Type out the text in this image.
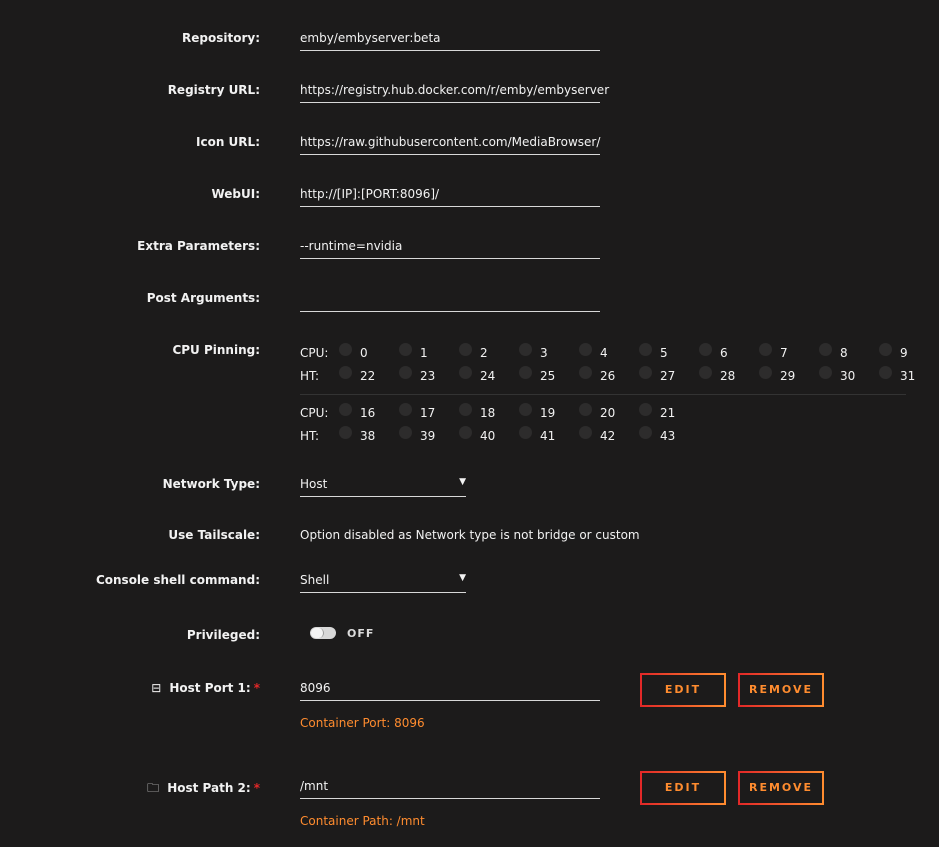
Repository:	emby/embyserver:beta
Registry URL:	https://registry.hub.docker.com/r/emby/embyserver
Icon URL:	https://raw.githubusercontent.com/MediaBrowser/
WebUI:	http://[IP]:[PORT:8096]/
Extra Parameters:	--runtime=nvidia
Post Arguments:
CPU Pinning:	CPU:	0	1	2	3	4	5	6	7	8	9
HT:	22	23	24	25	26	27	28	29	30	31
CPU:	16	17	18	19	20	21
HT:	38	39	40	41	42	43
Network Type:	Host	▼
Use Tailscale:	Option disabled as Network type is not bridge or custom
Console shell command:	Shell	▼
Privileged:	OFF
⊟ Host Port 1: *	8096	EDIT	REMOVE
Container Port: 8096
🗀 Host Path 2: *	/mnt	EDIT	REMOVE
Container Path: /mnt
